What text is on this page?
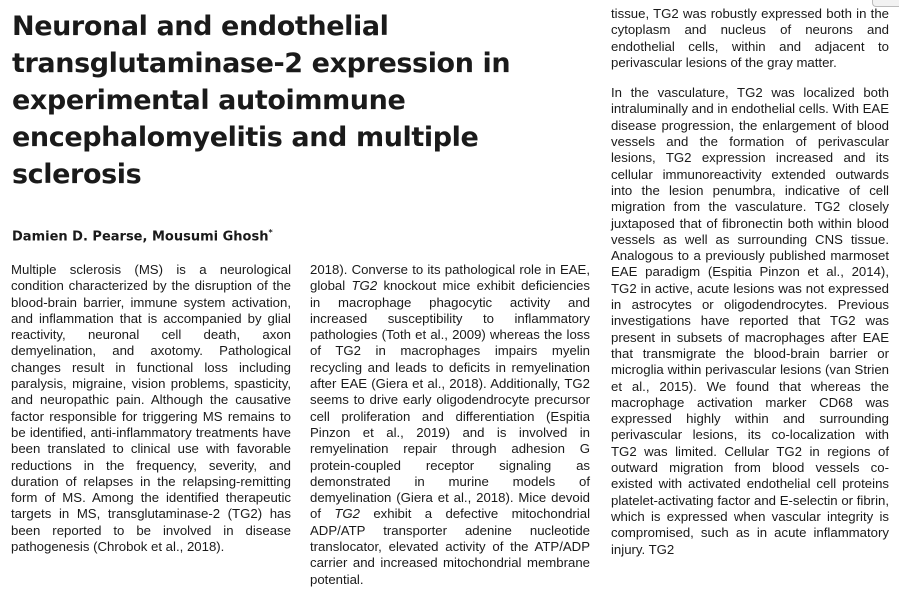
Neuronal and endothelial transglutaminase-2 expression in experimental autoimmune encephalomyelitis and multiple sclerosis

Damien D. Pearse, Mousumi Ghosh*

Multiple sclerosis (MS) is a neurological condition characterized by the disruption of the blood-brain barrier, immune system activation, and inflammation that is accompanied by glial reactivity, neuronal cell death, axon demyelination, and axotomy. Pathological changes result in functional loss including paralysis, migraine, vision problems, spasticity, and neuropathic pain. Although the causative factor responsible for triggering MS remains to be identified, anti-inflammatory treatments have been translated to clinical use with favorable reductions in the frequency, severity, and duration of relapses in the relapsing-remitting form of MS. Among the identified therapeutic targets in MS, transglutaminase-2 (TG2) has been reported to be involved in disease pathogenesis (Chrobok et al., 2018).

2018). Converse to its pathological role in EAE, global TG2 knockout mice exhibit deficiencies in macrophage phagocytic activity and increased susceptibility to inflammatory pathologies (Toth et al., 2009) whereas the loss of TG2 in macrophages impairs myelin recycling and leads to deficits in remyelination after EAE (Giera et al., 2018). Additionally, TG2 seems to drive early oligodendrocyte precursor cell proliferation and differentiation (Espitia Pinzon et al., 2019) and is involved in remyelination repair through adhesion G protein-coupled receptor signaling as demonstrated in murine models of demyelination (Giera et al., 2018). Mice devoid of TG2 exhibit a defective mitochondrial ADP/ATP transporter adenine nucleotide translocator, elevated activity of the ATP/ADP carrier and increased mitochondrial membrane potential.

tissue, TG2 was robustly expressed both in the cytoplasm and nucleus of neurons and endothelial cells, within and adjacent to perivascular lesions of the gray matter.

In the vasculature, TG2 was localized both intraluminally and in endothelial cells. With EAE disease progression, the enlargement of blood vessels and the formation of perivascular lesions, TG2 expression increased and its cellular immunoreactivity extended outwards into the lesion penumbra, indicative of cell migration from the vasculature. TG2 closely juxtaposed that of fibronectin both within blood vessels as well as surrounding CNS tissue. Analogous to a previously published marmoset EAE paradigm (Espitia Pinzon et al., 2014), TG2 in active, acute lesions was not expressed in astrocytes or oligodendrocytes. Previous investigations have reported that TG2 was present in subsets of macrophages after EAE that transmigrate the blood-brain barrier or microglia within perivascular lesions (van Strien et al., 2015). We found that whereas the macrophage activation marker CD68 was expressed highly within and surrounding perivascular lesions, its co-localization with TG2 was limited. Cellular TG2 in regions of outward migration from blood vessels co-existed with activated endothelial cell proteins platelet-activating factor and E-selectin or fibrin, which is expressed when vascular integrity is compromised, such as in acute inflammatory injury. TG2
